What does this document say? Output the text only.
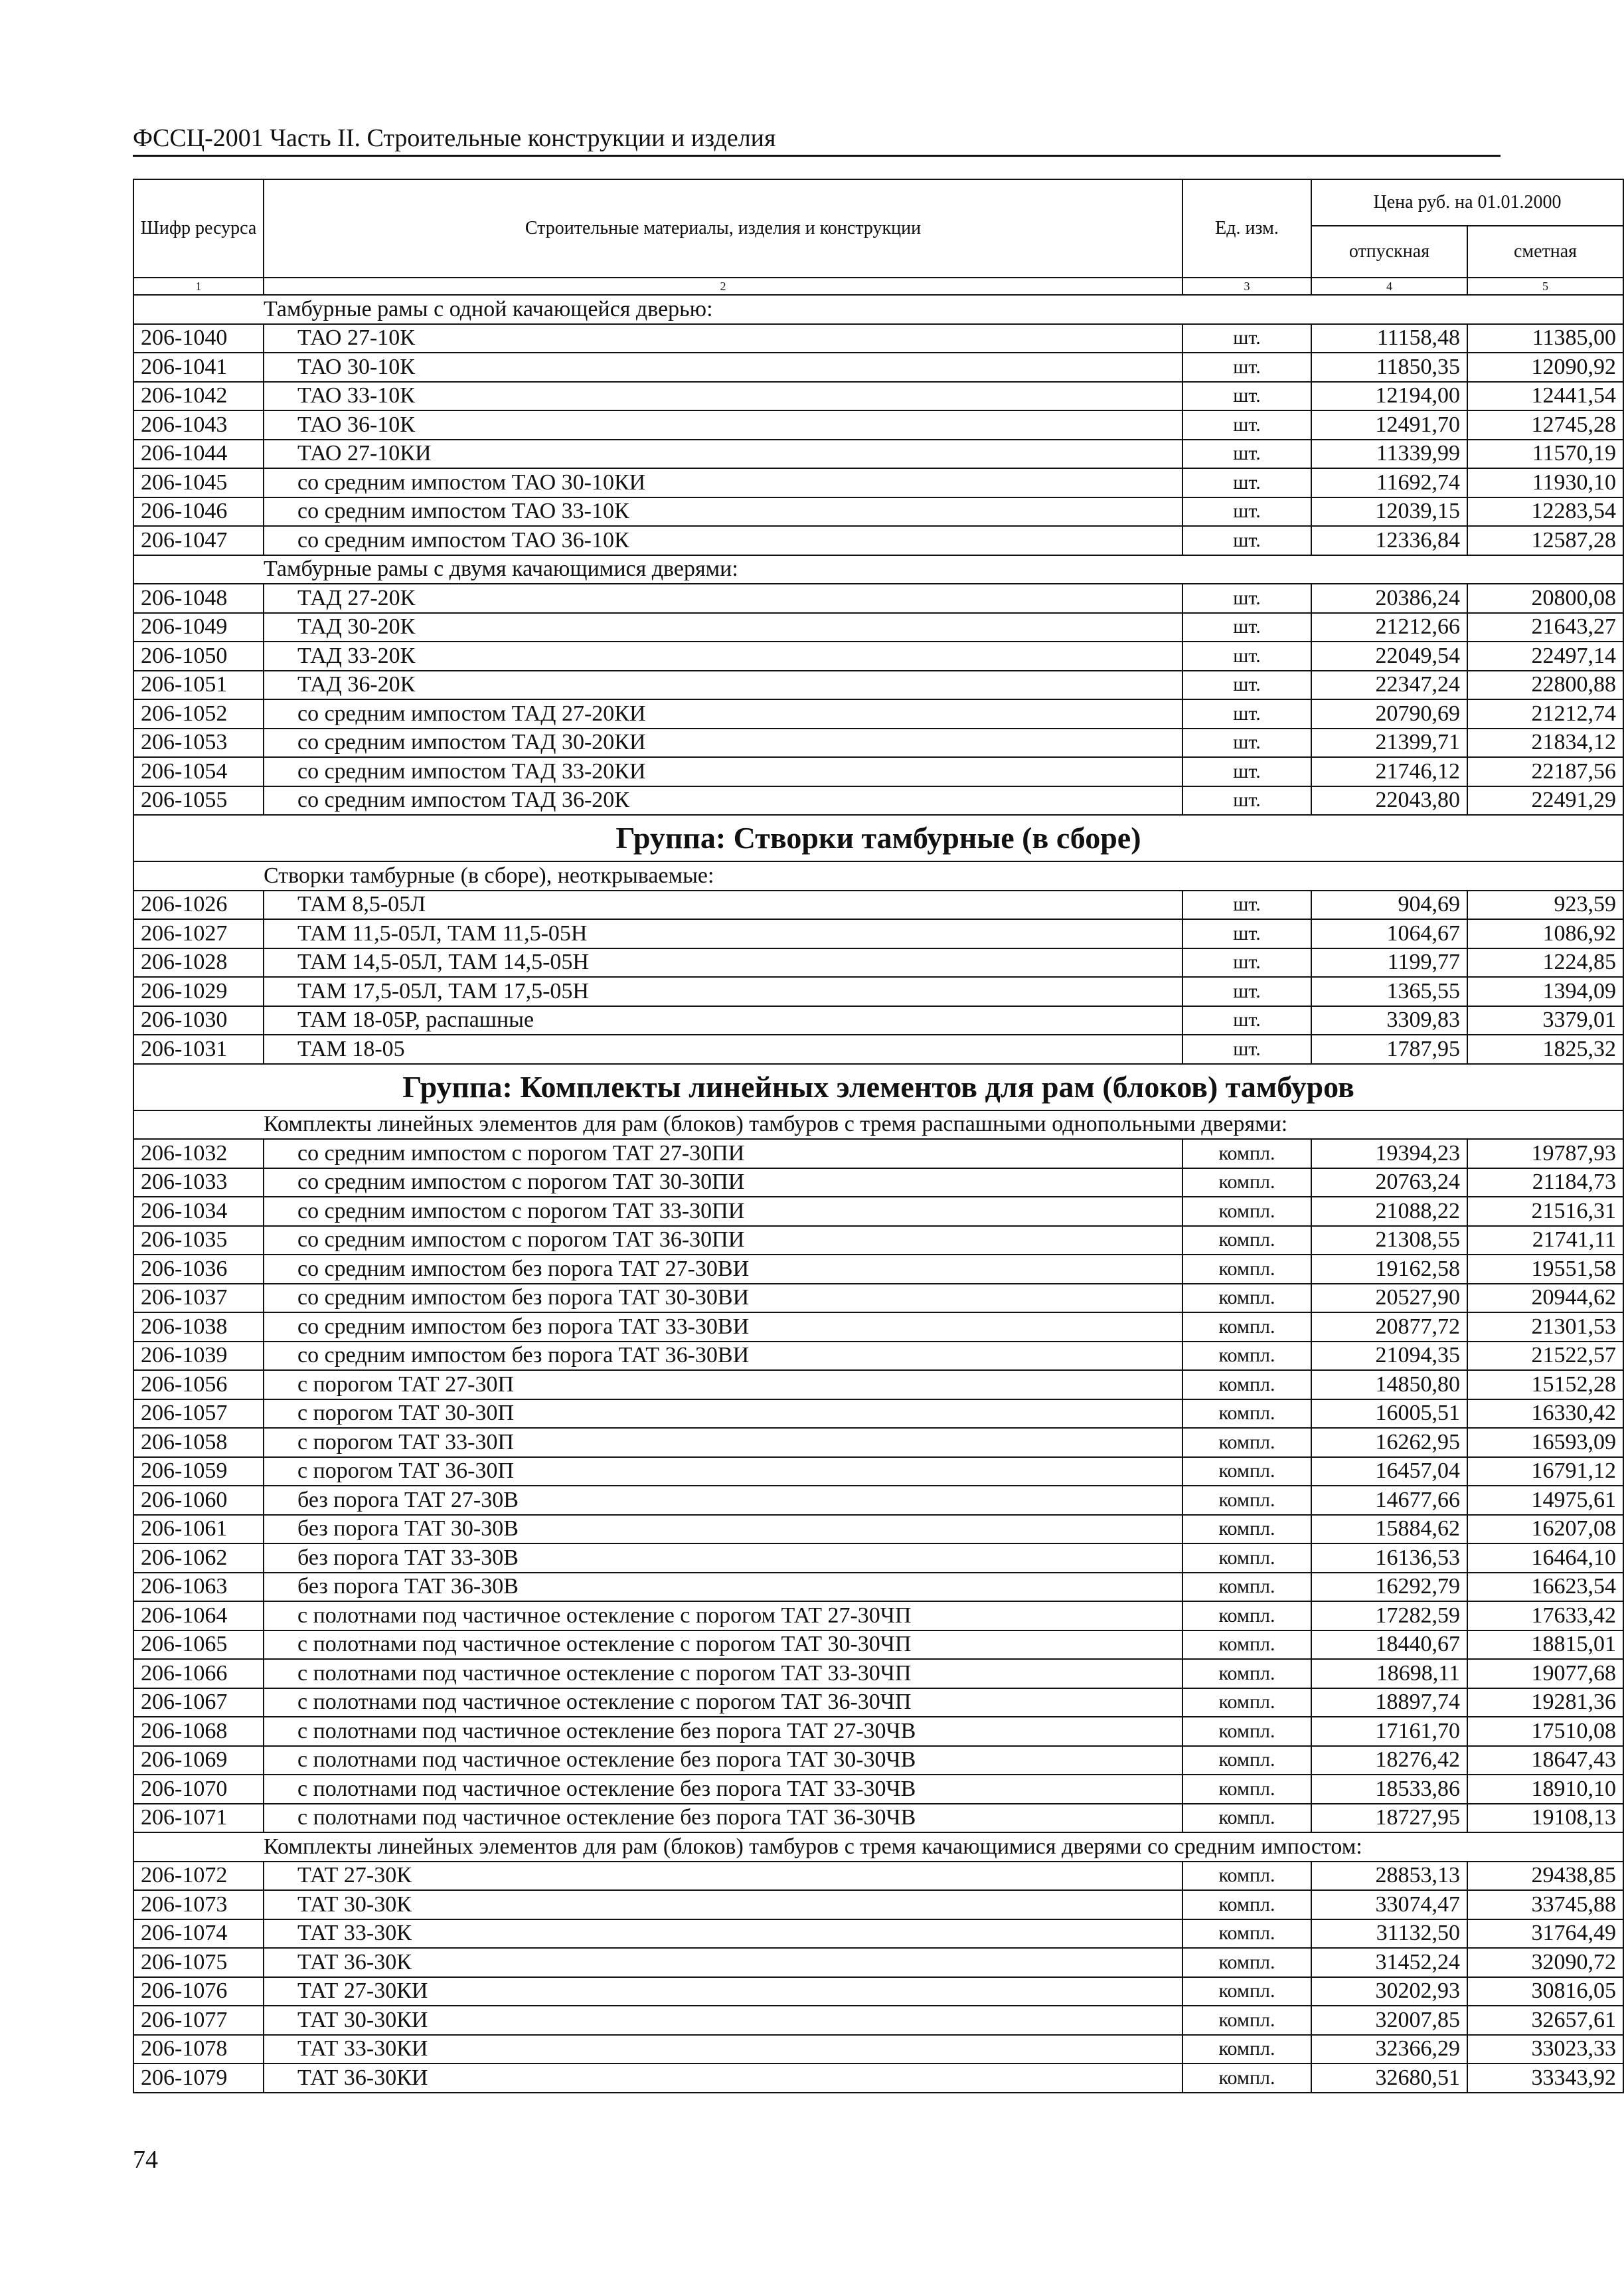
ФССЦ-2001 Часть II. Строительные конструкции и изделия
Шифр ресурса	Строительные материалы, изделия и конструкции	Ед. изм.	Цена руб. на 01.01.2000	
			отпускная	сметная
1	2	3	4	5
	Тамбурные рамы с одной качающейся дверью:			
206-1040	ТАО 27-10К	шт.	11158,48	11385,00
206-1041	ТАО 30-10К	шт.	11850,35	12090,92
206-1042	ТАО 33-10К	шт.	12194,00	12441,54
206-1043	ТАО 36-10К	шт.	12491,70	12745,28
206-1044	ТАО 27-10КИ	шт.	11339,99	11570,19
206-1045	со средним импостом ТАО 30-10КИ	шт.	11692,74	11930,10
206-1046	со средним импостом ТАО 33-10К	шт.	12039,15	12283,54
206-1047	со средним импостом ТАО 36-10К	шт.	12336,84	12587,28
	Тамбурные рамы с двумя качающимися дверями:			
206-1048	ТАД 27-20К	шт.	20386,24	20800,08
206-1049	ТАД 30-20К	шт.	21212,66	21643,27
206-1050	ТАД 33-20К	шт.	22049,54	22497,14
206-1051	ТАД 36-20К	шт.	22347,24	22800,88
206-1052	со средним импостом ТАД 27-20КИ	шт.	20790,69	21212,74
206-1053	со средним импостом ТАД 30-20КИ	шт.	21399,71	21834,12
206-1054	со средним импостом ТАД 33-20КИ	шт.	21746,12	22187,56
206-1055	со средним импостом ТАД 36-20К	шт.	22043,80	22491,29
Группа: Створки тамбурные (в сборе)				
	Створки тамбурные (в сборе), неоткрываемые:			
206-1026	ТАМ 8,5-05Л	шт.	904,69	923,59
206-1027	ТАМ 11,5-05Л, ТАМ 11,5-05Н	шт.	1064,67	1086,92
206-1028	ТАМ 14,5-05Л, ТАМ 14,5-05Н	шт.	1199,77	1224,85
206-1029	ТАМ 17,5-05Л, ТАМ 17,5-05Н	шт.	1365,55	1394,09
206-1030	ТАМ 18-05Р, распашные	шт.	3309,83	3379,01
206-1031	ТАМ 18-05	шт.	1787,95	1825,32
Группа: Комплекты линейных элементов для рам (блоков) тамбуров				
	Комплекты линейных элементов для рам (блоков) тамбуров с тремя распашными однопольными дверями:			
206-1032	со средним импостом с порогом ТАТ 27-30ПИ	компл.	19394,23	19787,93
206-1033	со средним импостом с порогом ТАТ 30-30ПИ	компл.	20763,24	21184,73
206-1034	со средним импостом с порогом ТАТ 33-30ПИ	компл.	21088,22	21516,31
206-1035	со средним импостом с порогом ТАТ 36-30ПИ	компл.	21308,55	21741,11
206-1036	со средним импостом без порога ТАТ 27-30ВИ	компл.	19162,58	19551,58
206-1037	со средним импостом без порога ТАТ 30-30ВИ	компл.	20527,90	20944,62
206-1038	со средним импостом без порога ТАТ 33-30ВИ	компл.	20877,72	21301,53
206-1039	со средним импостом без порога ТАТ 36-30ВИ	компл.	21094,35	21522,57
206-1056	с порогом ТАТ 27-30П	компл.	14850,80	15152,28
206-1057	с порогом ТАТ 30-30П	компл.	16005,51	16330,42
206-1058	с порогом ТАТ 33-30П	компл.	16262,95	16593,09
206-1059	с порогом ТАТ 36-30П	компл.	16457,04	16791,12
206-1060	без порога ТАТ 27-30В	компл.	14677,66	14975,61
206-1061	без порога ТАТ 30-30В	компл.	15884,62	16207,08
206-1062	без порога ТАТ 33-30В	компл.	16136,53	16464,10
206-1063	без порога ТАТ 36-30В	компл.	16292,79	16623,54
206-1064	с полотнами под частичное остекление с порогом ТАТ 27-30ЧП	компл.	17282,59	17633,42
206-1065	с полотнами под частичное остекление с порогом ТАТ 30-30ЧП	компл.	18440,67	18815,01
206-1066	с полотнами под частичное остекление с порогом ТАТ 33-30ЧП	компл.	18698,11	19077,68
206-1067	с полотнами под частичное остекление с порогом ТАТ 36-30ЧП	компл.	18897,74	19281,36
206-1068	с полотнами под частичное остекление без порога ТАТ 27-30ЧВ	компл.	17161,70	17510,08
206-1069	с полотнами под частичное остекление без порога ТАТ 30-30ЧВ	компл.	18276,42	18647,43
206-1070	с полотнами под частичное остекление без порога ТАТ 33-30ЧВ	компл.	18533,86	18910,10
206-1071	с полотнами под частичное остекление без порога ТАТ 36-30ЧВ	компл.	18727,95	19108,13
	Комплекты линейных элементов для рам (блоков) тамбуров с тремя качающимися дверями со средним импостом:			
206-1072	ТАТ 27-30К	компл.	28853,13	29438,85
206-1073	ТАТ 30-30К	компл.	33074,47	33745,88
206-1074	ТАТ 33-30К	компл.	31132,50	31764,49
206-1075	ТАТ 36-30К	компл.	31452,24	32090,72
206-1076	ТАТ 27-30КИ	компл.	30202,93	30816,05
206-1077	ТАТ 30-30КИ	компл.	32007,85	32657,61
206-1078	ТАТ 33-30КИ	компл.	32366,29	33023,33
206-1079	ТАТ 36-30КИ	компл.	32680,51	33343,92
74
